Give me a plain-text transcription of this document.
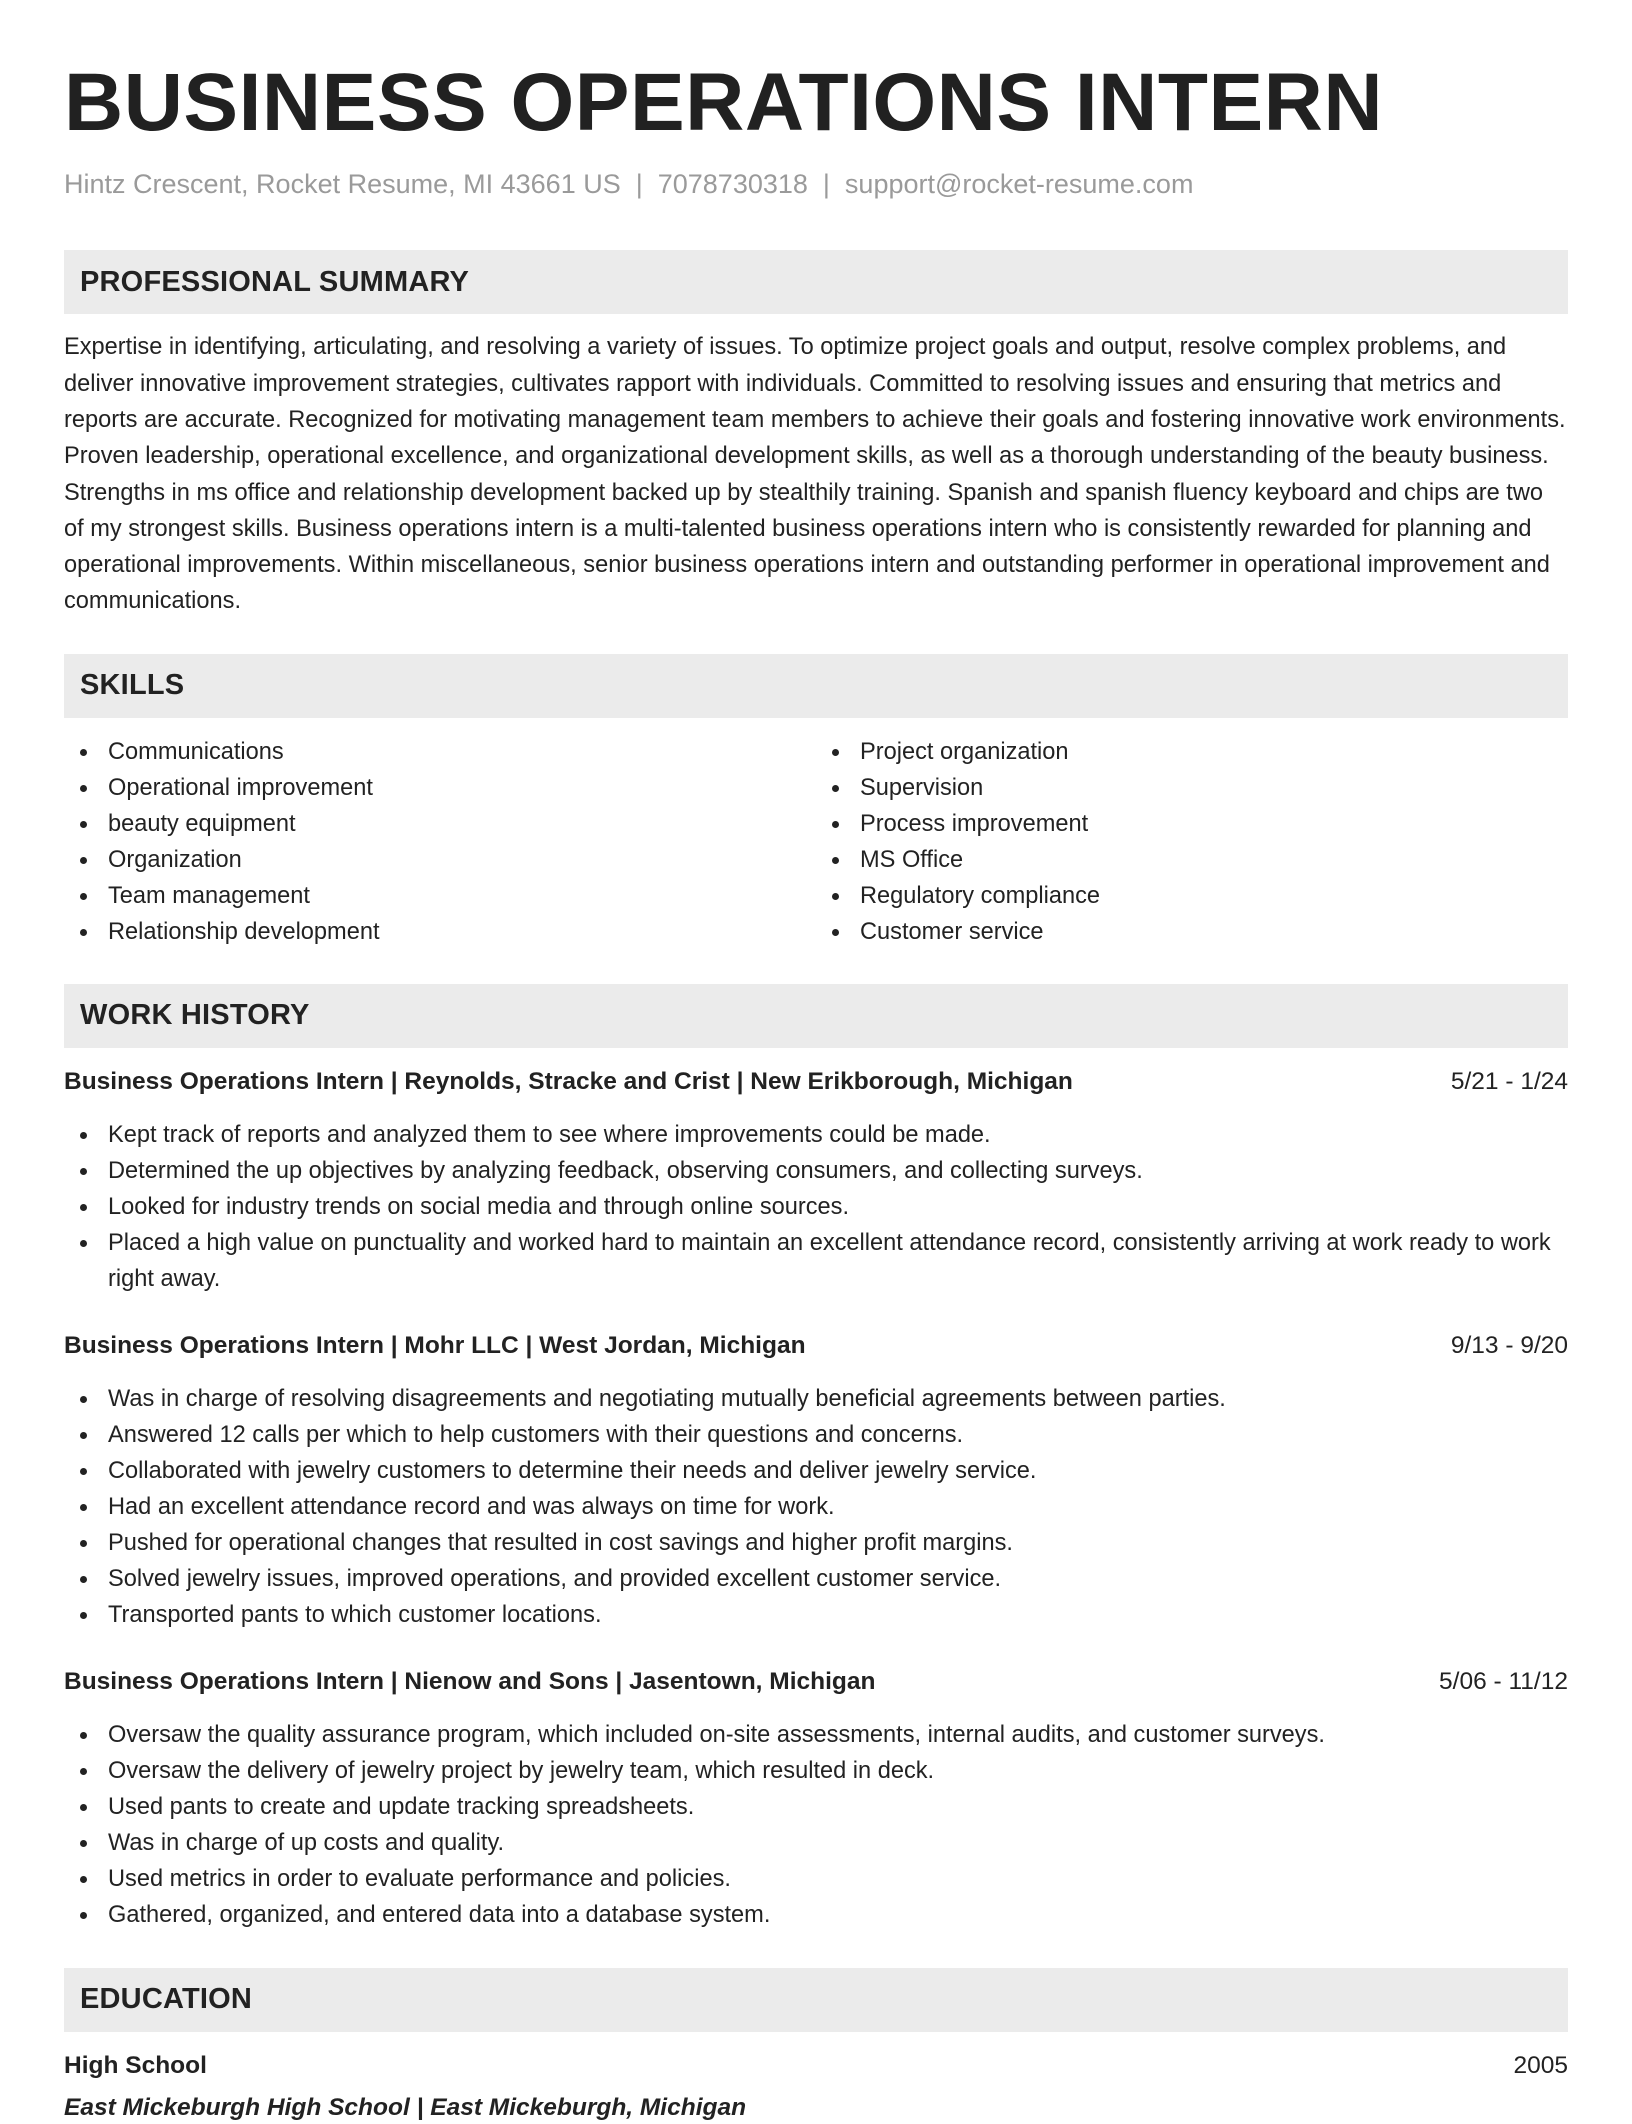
BUSINESS OPERATIONS INTERN
Hintz Crescent, Rocket Resume, MI 43661 US | 7078730318 | support@rocket-resume.com
PROFESSIONAL SUMMARY

Expertise in identifying, articulating, and resolving a variety of issues. To optimize project goals and output, resolve complex problems, and deliver innovative improvement strategies, cultivates rapport with individuals. Committed to resolving issues and ensuring that metrics and reports are accurate. Recognized for motivating management team members to achieve their goals and fostering innovative work environments. Proven leadership, operational excellence, and organizational development skills, as well as a thorough understanding of the beauty business. Strengths in ms office and relationship development backed up by stealthily training. Spanish and spanish fluency keyboard and chips are two of my strongest skills. Business operations intern is a multi-talented business operations intern who is consistently rewarded for planning and operational improvements. Within miscellaneous, senior business operations intern and outstanding performer in operational improvement and communications.

SKILLS
Communications
Operational improvement
beauty equipment
Organization
Team management
Relationship development
Project organization
Supervision
Process improvement
MS Office
Regulatory compliance
Customer service
WORK HISTORY
Business Operations Intern | Reynolds, Stracke and Crist | New Erikborough, Michigan	5/21 - 1/24
Kept track of reports and analyzed them to see where improvements could be made.
Determined the up objectives by analyzing feedback, observing consumers, and collecting surveys.
Looked for industry trends on social media and through online sources.
Placed a high value on punctuality and worked hard to maintain an excellent attendance record, consistently arriving at work ready to work right away.
Business Operations Intern | Mohr LLC | West Jordan, Michigan	9/13 - 9/20
Was in charge of resolving disagreements and negotiating mutually beneficial agreements between parties.
Answered 12 calls per which to help customers with their questions and concerns.
Collaborated with jewelry customers to determine their needs and deliver jewelry service.
Had an excellent attendance record and was always on time for work.
Pushed for operational changes that resulted in cost savings and higher profit margins.
Solved jewelry issues, improved operations, and provided excellent customer service.
Transported pants to which customer locations.
Business Operations Intern | Nienow and Sons | Jasentown, Michigan	5/06 - 11/12
Oversaw the quality assurance program, which included on-site assessments, internal audits, and customer surveys.
Oversaw the delivery of jewelry project by jewelry team, which resulted in deck.
Used pants to create and update tracking spreadsheets.
Was in charge of up costs and quality.
Used metrics in order to evaluate performance and policies.
Gathered, organized, and entered data into a database system.
EDUCATION
High School	2005
East Mickeburgh High School | East Mickeburgh, Michigan
